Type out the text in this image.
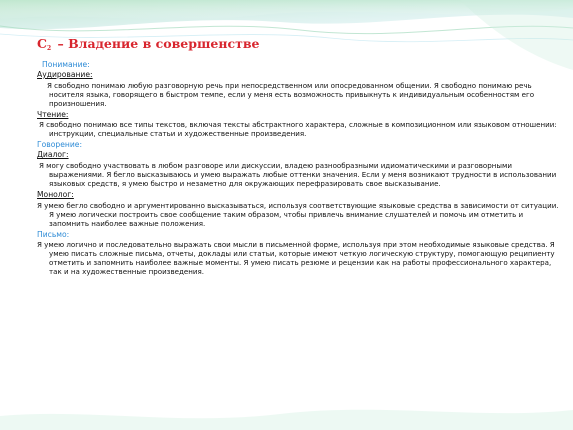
$C_2$ – Владение в совершенстве
Понимание:
Аудирование:
Я свободно понимаю любую разговорную речь при непосредственном или опосредованном общении. Я свободно понимаю речь носителя языка, говорящего в быстром темпе, если у меня есть возможность привыкнуть к индивидуальным особенностям его произношения.
Чтение:
Я свободно понимаю все типы текстов, включая тексты абстрактного характера, сложные в композиционном или языковом отношении: инструкции, специальные статьи и художественные произведения.
Говорение:
Диалог:
Я могу свободно участвовать в любом разговоре или дискуссии, владею разнообразными идиоматическими и разговорными выражениями. Я бегло высказываюсь и умею выражать любые оттенки значения. Если у меня возникают трудности в использовании языковых средств, я умею быстро и незаметно для окружающих перефразировать свое высказывание.
Монолог:
Я умею бегло свободно и аргументированно высказываться, используя соответствующие языковые средства в зависимости от ситуации. Я умею логически построить свое сообщение таким образом, чтобы привлечь внимание слушателей и помочь им отметить и запомнить наиболее важные положения.
Письмо:
Я умею логично и последовательно выражать свои мысли в письменной форме, используя при этом необходимые языковые средства. Я умею писать сложные письма, отчеты, доклады или статьи, которые имеют четкую логическую структуру, помогающую реципиенту отметить и запомнить наиболее важные моменты. Я умею писать резюме и рецензии как на работы профессионального характера, так и на художественные произведения.
